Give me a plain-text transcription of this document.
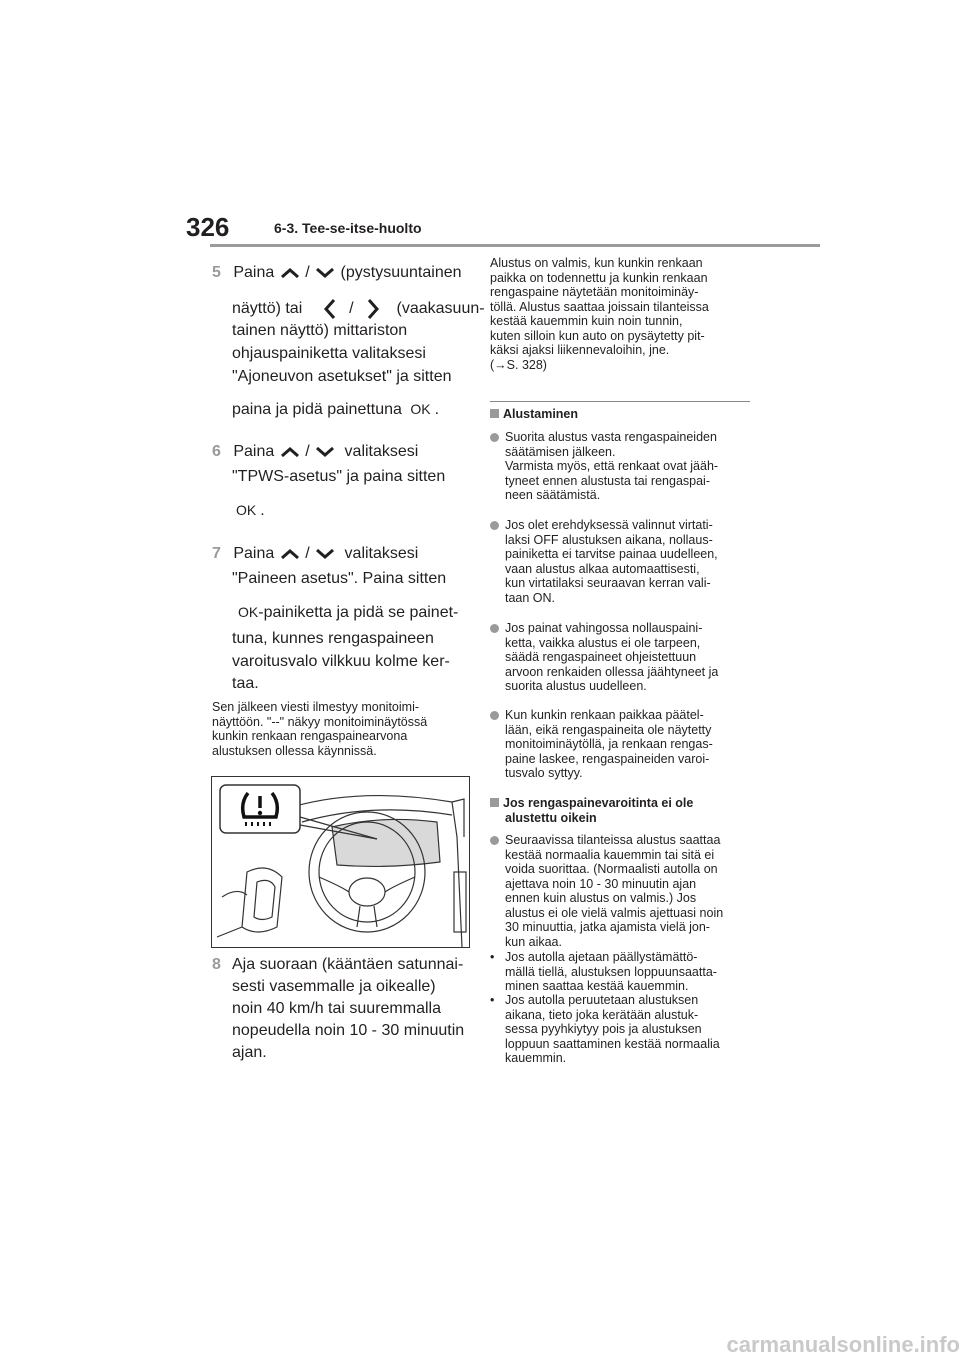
326	6-3. Tee-se-itse-huolto
5 Paina / (pystysuuntainen
näyttö) tai	/	(vaakasuun-
tainen näyttö) mittariston
ohjauspainiketta valitaksesi
"Ajoneuvon asetukset" ja sitten
paina ja pidä painettuna OK .
6 Paina / valitaksesi
"TPWS-asetus" ja paina sitten
OK .
7 Paina / valitaksesi
"Paineen asetus". Paina sitten
OK-painiketta ja pidä se painet-
tuna, kunnes rengaspaineen
varoitusvalo vilkkuu kolme ker-
taa.
Sen jälkeen viesti ilmestyy monitoimi-
näyttöön. "--" näkyy monitoiminäytössä
kunkin renkaan rengaspainearvona
alustuksen ollessa käynnissä.
8 Aja suoraan (kääntäen satunnai-
sesti vasemmalle ja oikealle)
noin 40 km/h tai suuremmalla
nopeudella noin 10 - 30 minuutin
ajan.
Alustus on valmis, kun kunkin renkaan
paikka on todennettu ja kunkin renkaan
rengaspaine näytetään monitoiminäy-
töllä. Alustus saattaa joissain tilanteissa
kestää kauemmin kuin noin tunnin,
kuten silloin kun auto on pysäytetty pit-
käksi ajaksi liikennevaloihin, jne.
(→S. 328)
Alustaminen
Suorita alustus vasta rengaspaineiden
säätämisen jälkeen.
Varmista myös, että renkaat ovat jääh-
tyneet ennen alustusta tai rengaspai-
neen säätämistä.
Jos olet erehdyksessä valinnut virtati-
laksi OFF alustuksen aikana, nollaus-
painiketta ei tarvitse painaa uudelleen,
vaan alustus alkaa automaattisesti,
kun virtatilaksi seuraavan kerran vali-
taan ON.
Jos painat vahingossa nollauspaini-
ketta, vaikka alustus ei ole tarpeen,
säädä rengaspaineet ohjeistettuun
arvoon renkaiden ollessa jäähtyneet ja
suorita alustus uudelleen.
Kun kunkin renkaan paikkaa päätel-
lään, eikä rengaspaineita ole näytetty
monitoiminäytöllä, ja renkaan rengas-
paine laskee, rengaspaineiden varoi-
tusvalo syttyy.
Jos rengaspainevaroitinta ei ole
alustettu oikein
Seuraavissa tilanteissa alustus saattaa
kestää normaalia kauemmin tai sitä ei
voida suorittaa. (Normaalisti autolla on
ajettava noin 10 - 30 minuutin ajan
ennen kuin alustus on valmis.) Jos
alustus ei ole vielä valmis ajettuasi noin
30 minuuttia, jatka ajamista vielä jon-
kun aikaa.
• Jos autolla ajetaan päällystämättö-
mällä tiellä, alustuksen loppuunsaatta-
minen saattaa kestää kauemmin.
• Jos autolla peruutetaan alustuksen
aikana, tieto joka kerätään alustuk-
sessa pyyhkiytyy pois ja alustuksen
loppuun saattaminen kestää normaalia
kauemmin.
carmanualsonline.info
